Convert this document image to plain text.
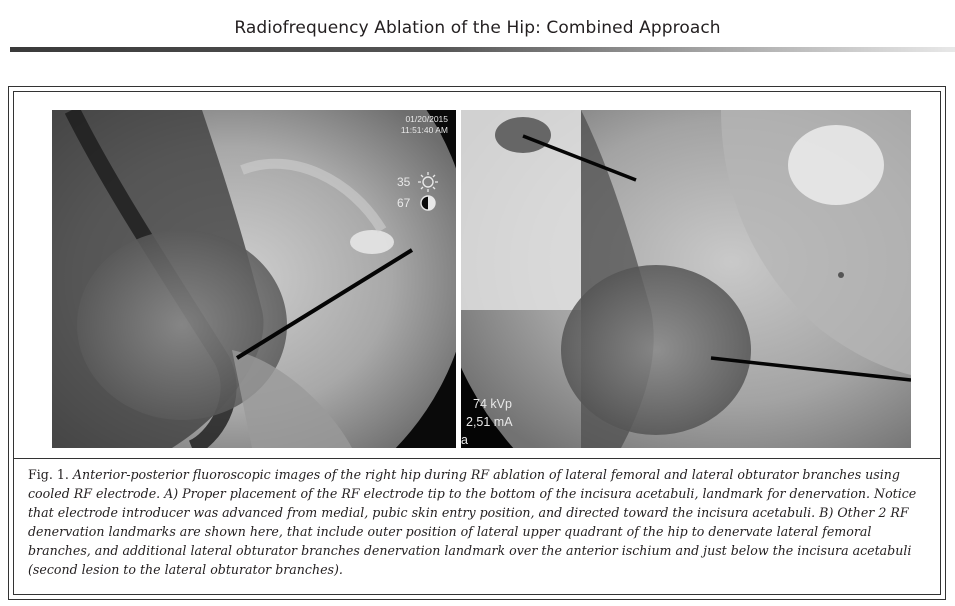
Radiofrequency Ablation of the Hip: Combined Approach
01/20/2015
11:51:40 AM
35
67
74 kVp
2,51 mA
a
Fig. 1. Anterior-posterior fluoroscopic images of the right hip during RF ablation of lateral femoral and lateral obturator branches using cooled RF electrode. A) Proper placement of the RF electrode tip to the bottom of the incisura acetabuli, landmark for denervation. Notice that electrode introducer was advanced from medial, pubic skin entry position, and directed toward the incisura acetabuli. B) Other 2 RF denervation landmarks are shown here, that include outer position of lateral upper quadrant of the hip to denervate lateral femoral branches, and additional lateral obturator branches denervation landmark over the anterior ischium and just below the incisura acetabuli (second lesion to the lateral obturator branches).
